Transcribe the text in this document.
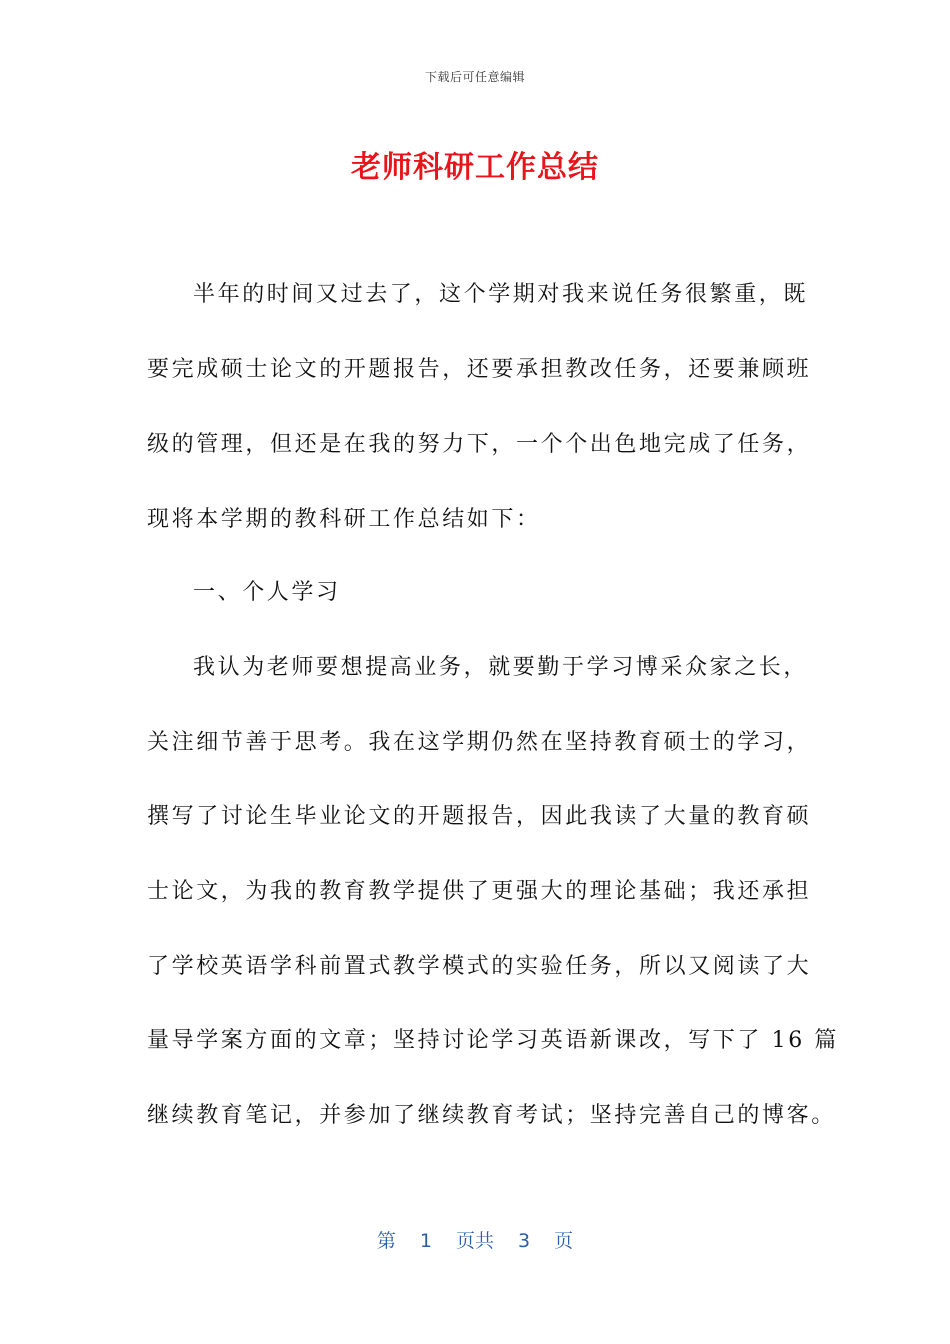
下载后可任意编辑
老师科研工作总结
半年的时间又过去了，这个学期对我来说任务很繁重，既
要完成硕士论文的开题报告，还要承担教改任务，还要兼顾班
级的管理，但还是在我的努力下，一个个出色地完成了任务，
现将本学期的教科研工作总结如下：
一、个人学习
我认为老师要想提高业务，就要勤于学习博采众家之长，
关注细节善于思考。我在这学期仍然在坚持教育硕士的学习，
撰写了讨论生毕业论文的开题报告，因此我读了大量的教育硕
士论文，为我的教育教学提供了更强大的理论基础；我还承担
了学校英语学科前置式教学模式的实验任务，所以又阅读了大
量导学案方面的文章；坚持讨论学习英语新课改，写下了 16 篇
继续教育笔记，并参加了继续教育考试；坚持完善自己的博客。
第 1 页共 3 页
